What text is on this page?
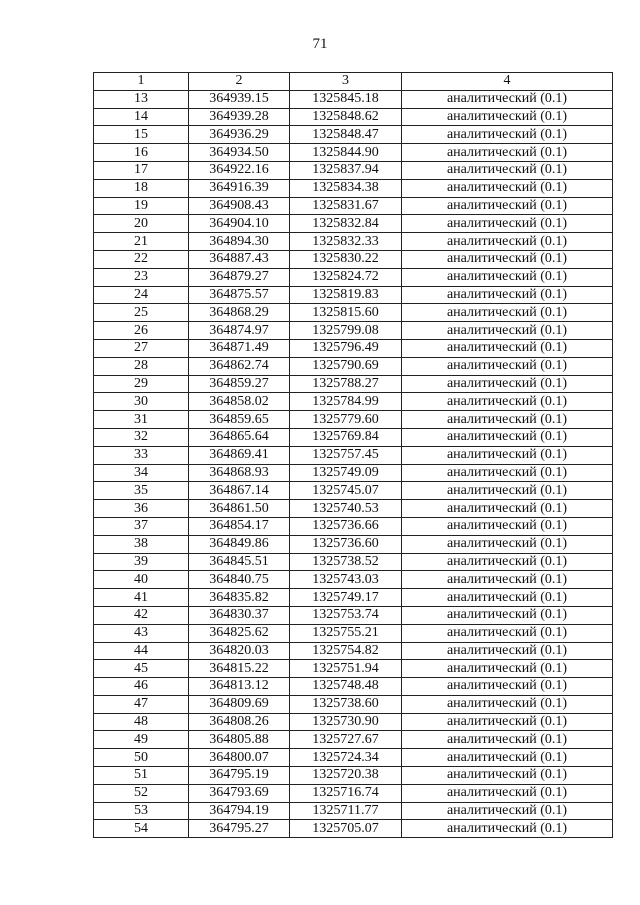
71
1	2	3	4
13	364939.15	1325845.18	аналитический (0.1)
14	364939.28	1325848.62	аналитический (0.1)
15	364936.29	1325848.47	аналитический (0.1)
16	364934.50	1325844.90	аналитический (0.1)
17	364922.16	1325837.94	аналитический (0.1)
18	364916.39	1325834.38	аналитический (0.1)
19	364908.43	1325831.67	аналитический (0.1)
20	364904.10	1325832.84	аналитический (0.1)
21	364894.30	1325832.33	аналитический (0.1)
22	364887.43	1325830.22	аналитический (0.1)
23	364879.27	1325824.72	аналитический (0.1)
24	364875.57	1325819.83	аналитический (0.1)
25	364868.29	1325815.60	аналитический (0.1)
26	364874.97	1325799.08	аналитический (0.1)
27	364871.49	1325796.49	аналитический (0.1)
28	364862.74	1325790.69	аналитический (0.1)
29	364859.27	1325788.27	аналитический (0.1)
30	364858.02	1325784.99	аналитический (0.1)
31	364859.65	1325779.60	аналитический (0.1)
32	364865.64	1325769.84	аналитический (0.1)
33	364869.41	1325757.45	аналитический (0.1)
34	364868.93	1325749.09	аналитический (0.1)
35	364867.14	1325745.07	аналитический (0.1)
36	364861.50	1325740.53	аналитический (0.1)
37	364854.17	1325736.66	аналитический (0.1)
38	364849.86	1325736.60	аналитический (0.1)
39	364845.51	1325738.52	аналитический (0.1)
40	364840.75	1325743.03	аналитический (0.1)
41	364835.82	1325749.17	аналитический (0.1)
42	364830.37	1325753.74	аналитический (0.1)
43	364825.62	1325755.21	аналитический (0.1)
44	364820.03	1325754.82	аналитический (0.1)
45	364815.22	1325751.94	аналитический (0.1)
46	364813.12	1325748.48	аналитический (0.1)
47	364809.69	1325738.60	аналитический (0.1)
48	364808.26	1325730.90	аналитический (0.1)
49	364805.88	1325727.67	аналитический (0.1)
50	364800.07	1325724.34	аналитический (0.1)
51	364795.19	1325720.38	аналитический (0.1)
52	364793.69	1325716.74	аналитический (0.1)
53	364794.19	1325711.77	аналитический (0.1)
54	364795.27	1325705.07	аналитический (0.1)
